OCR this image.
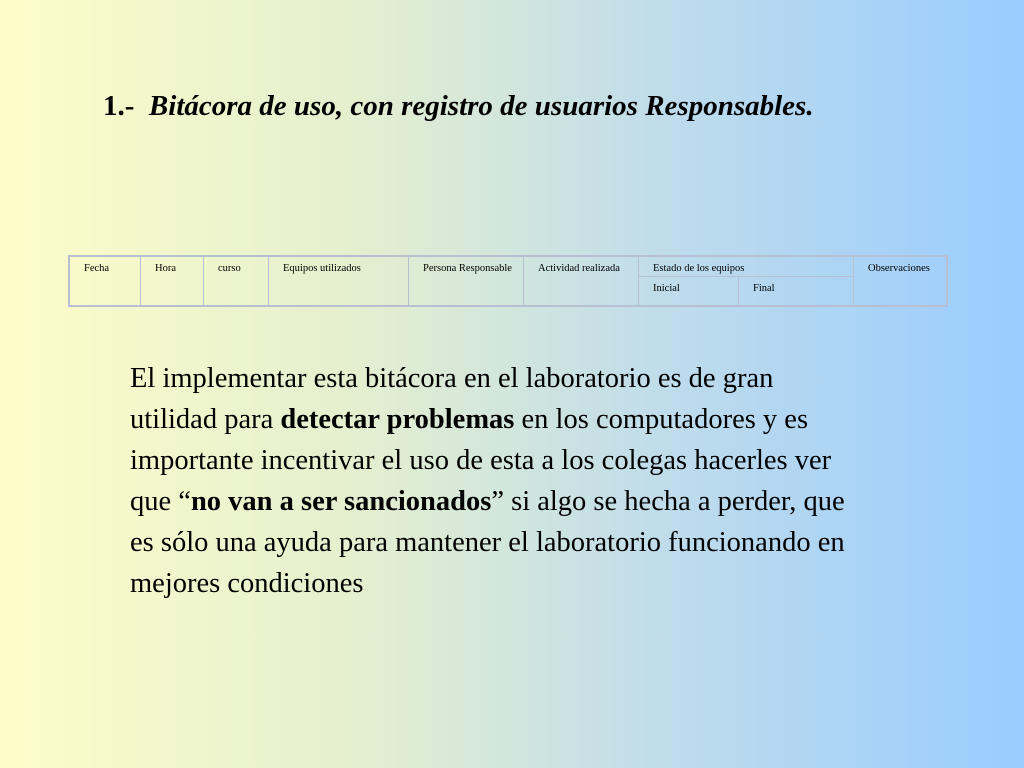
1.- Bitácora de uso, con registro de usuarios Responsables.
Fecha	Hora	curso	Equipos utilizados	Persona Responsable	Actividad realizada	Estado de los equipos		Observaciones
						Inicial	Final	

El implementar esta bitácora en el laboratorio es de gran utilidad para detectar problemas en los computadores y es importante incentivar el uso de esta a los colegas hacerles ver que “no van a ser sancionados” si algo se hecha a perder, que es sólo una ayuda para mantener el laboratorio funcionando en mejores condiciones
